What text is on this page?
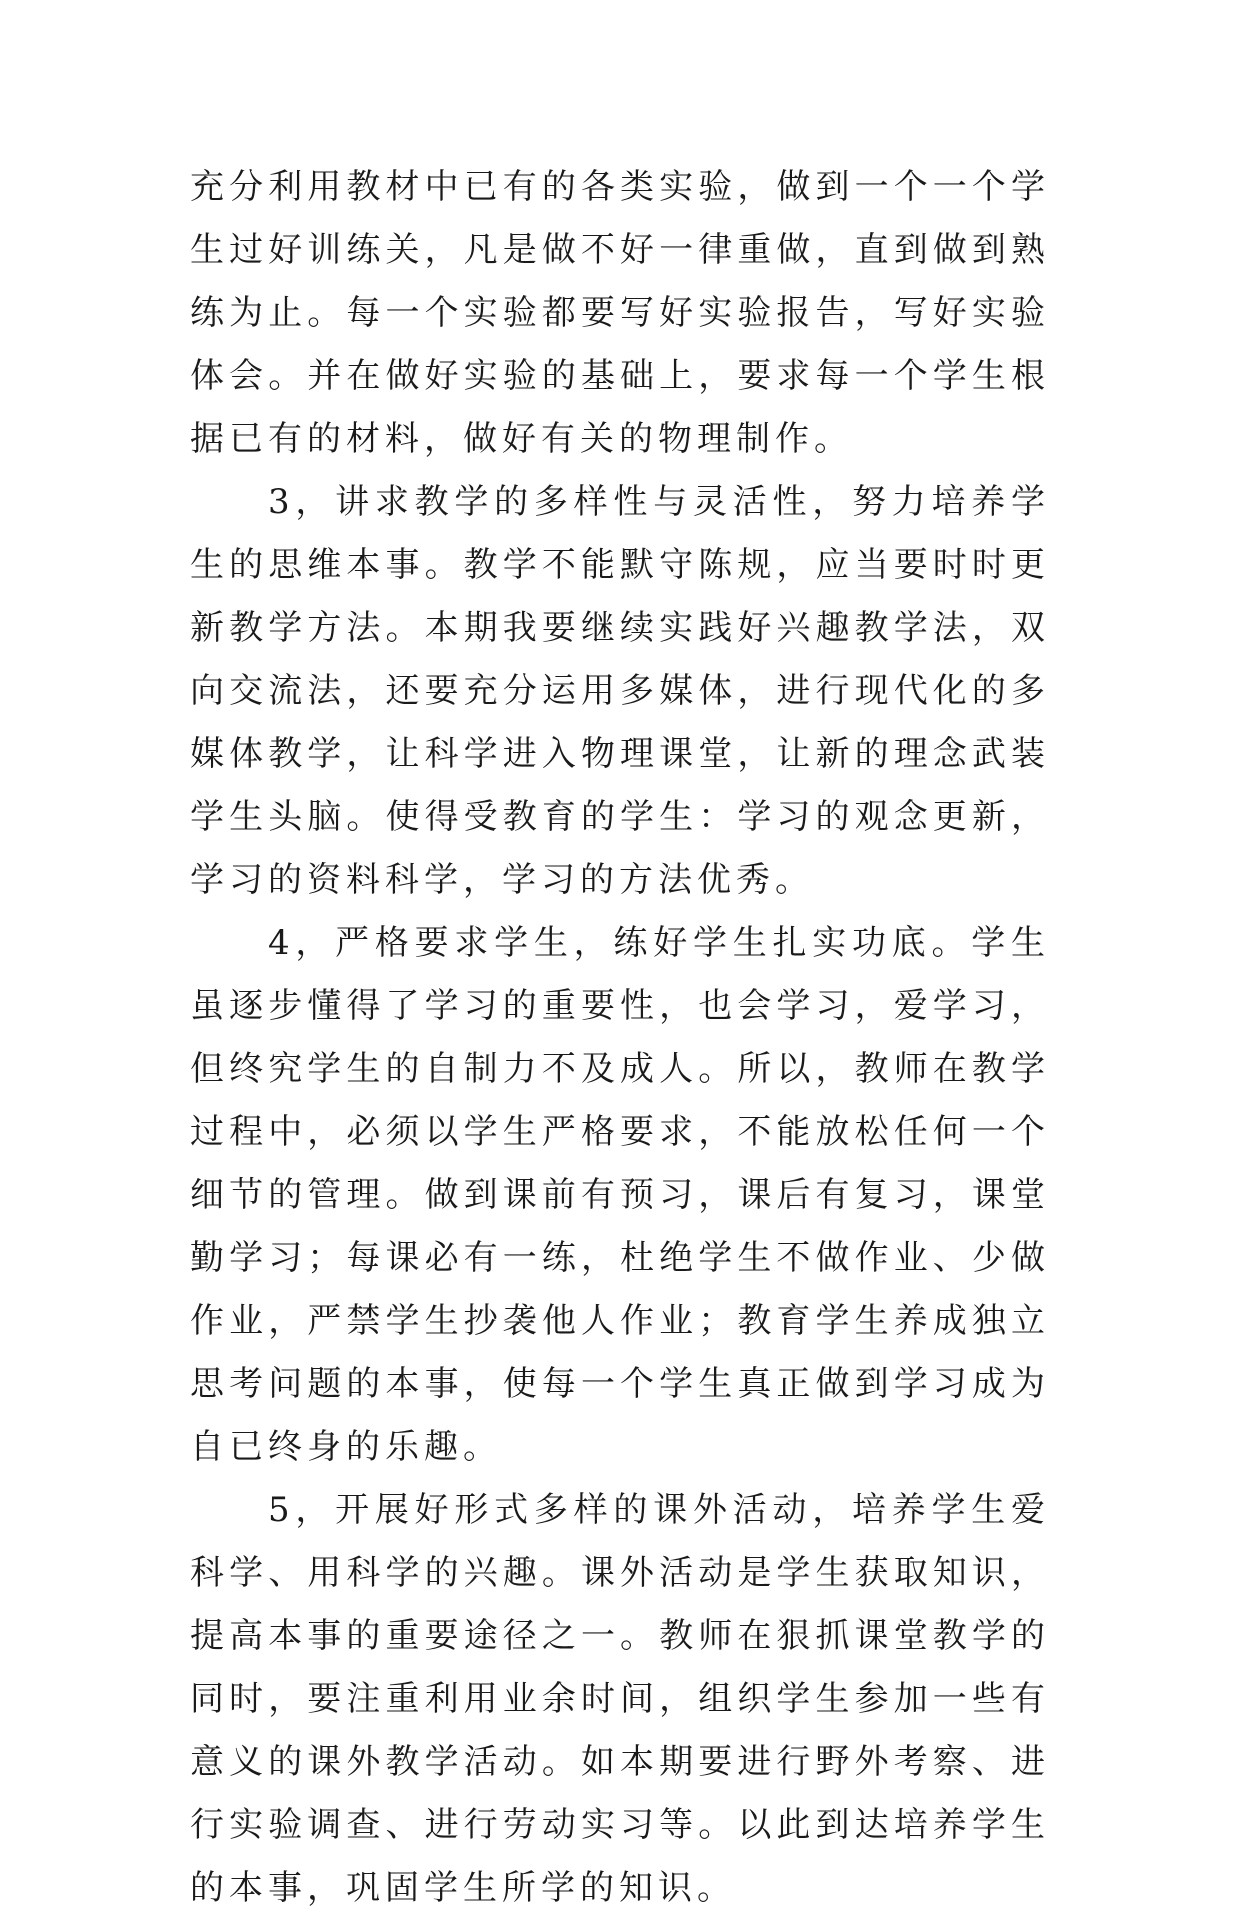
充分利用教材中已有的各类实验，做到一个一个学生过好训练关，凡是做不好一律重做，直到做到熟练为止。每一个实验都要写好实验报告，写好实验体会。并在做好实验的基础上，要求每一个学生根据已有的材料，做好有关的物理制作。

3，讲求教学的多样性与灵活性，努力培养学生的思维本事。教学不能默守陈规，应当要时时更新教学方法。本期我要继续实践好兴趣教学法，双向交流法，还要充分运用多媒体，进行现代化的多媒体教学，让科学进入物理课堂，让新的理念武装学生头脑。使得受教育的学生：学习的观念更新，学习的资料科学，学习的方法优秀。

4，严格要求学生，练好学生扎实功底。学生虽逐步懂得了学习的重要性，也会学习，爱学习，但终究学生的自制力不及成人。所以，教师在教学过程中，必须以学生严格要求，不能放松任何一个细节的管理。做到课前有预习，课后有复习，课堂勤学习；每课必有一练，杜绝学生不做作业、少做作业，严禁学生抄袭他人作业；教育学生养成独立思考问题的本事，使每一个学生真正做到学习成为自已终身的乐趣。

5，开展好形式多样的课外活动，培养学生爱科学、用科学的兴趣。课外活动是学生获取知识，提高本事的重要途径之一。教师在狠抓课堂教学的同时，要注重利用业余时间，组织学生参加一些有意义的课外教学活动。如本期要进行野外考察、进行实验调查、进行劳动实习等。以此到达培养学生的本事，巩固学生所学的知识。
